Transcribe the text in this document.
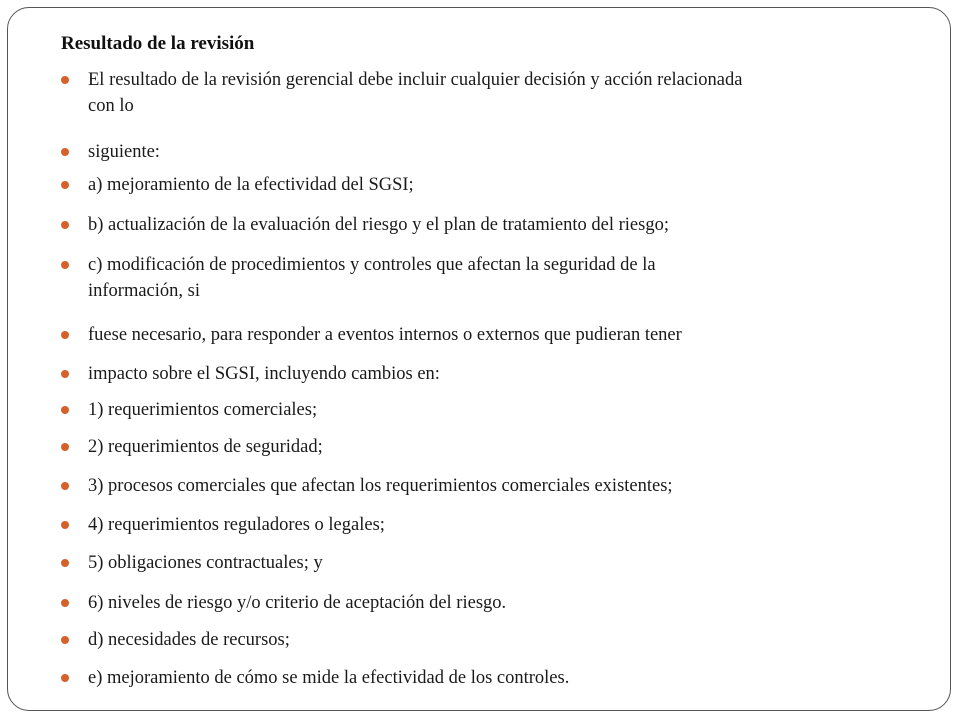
Resultado de la revisión
El resultado de la revisión gerencial debe incluir cualquier decisión y acción relacionada
con lo
siguiente:
a) mejoramiento de la efectividad del SGSI;
b) actualización de la evaluación del riesgo y el plan de tratamiento del riesgo;
c) modificación de procedimientos y controles que afectan la seguridad de la
información, si
fuese necesario, para responder a eventos internos o externos que pudieran tener
impacto sobre el SGSI, incluyendo cambios en:
1) requerimientos comerciales;
2) requerimientos de seguridad;
3) procesos comerciales que afectan los requerimientos comerciales existentes;
4) requerimientos reguladores o legales;
5) obligaciones contractuales; y
6) niveles de riesgo y/o criterio de aceptación del riesgo.
d) necesidades de recursos;
e) mejoramiento de cómo se mide la efectividad de los controles.
